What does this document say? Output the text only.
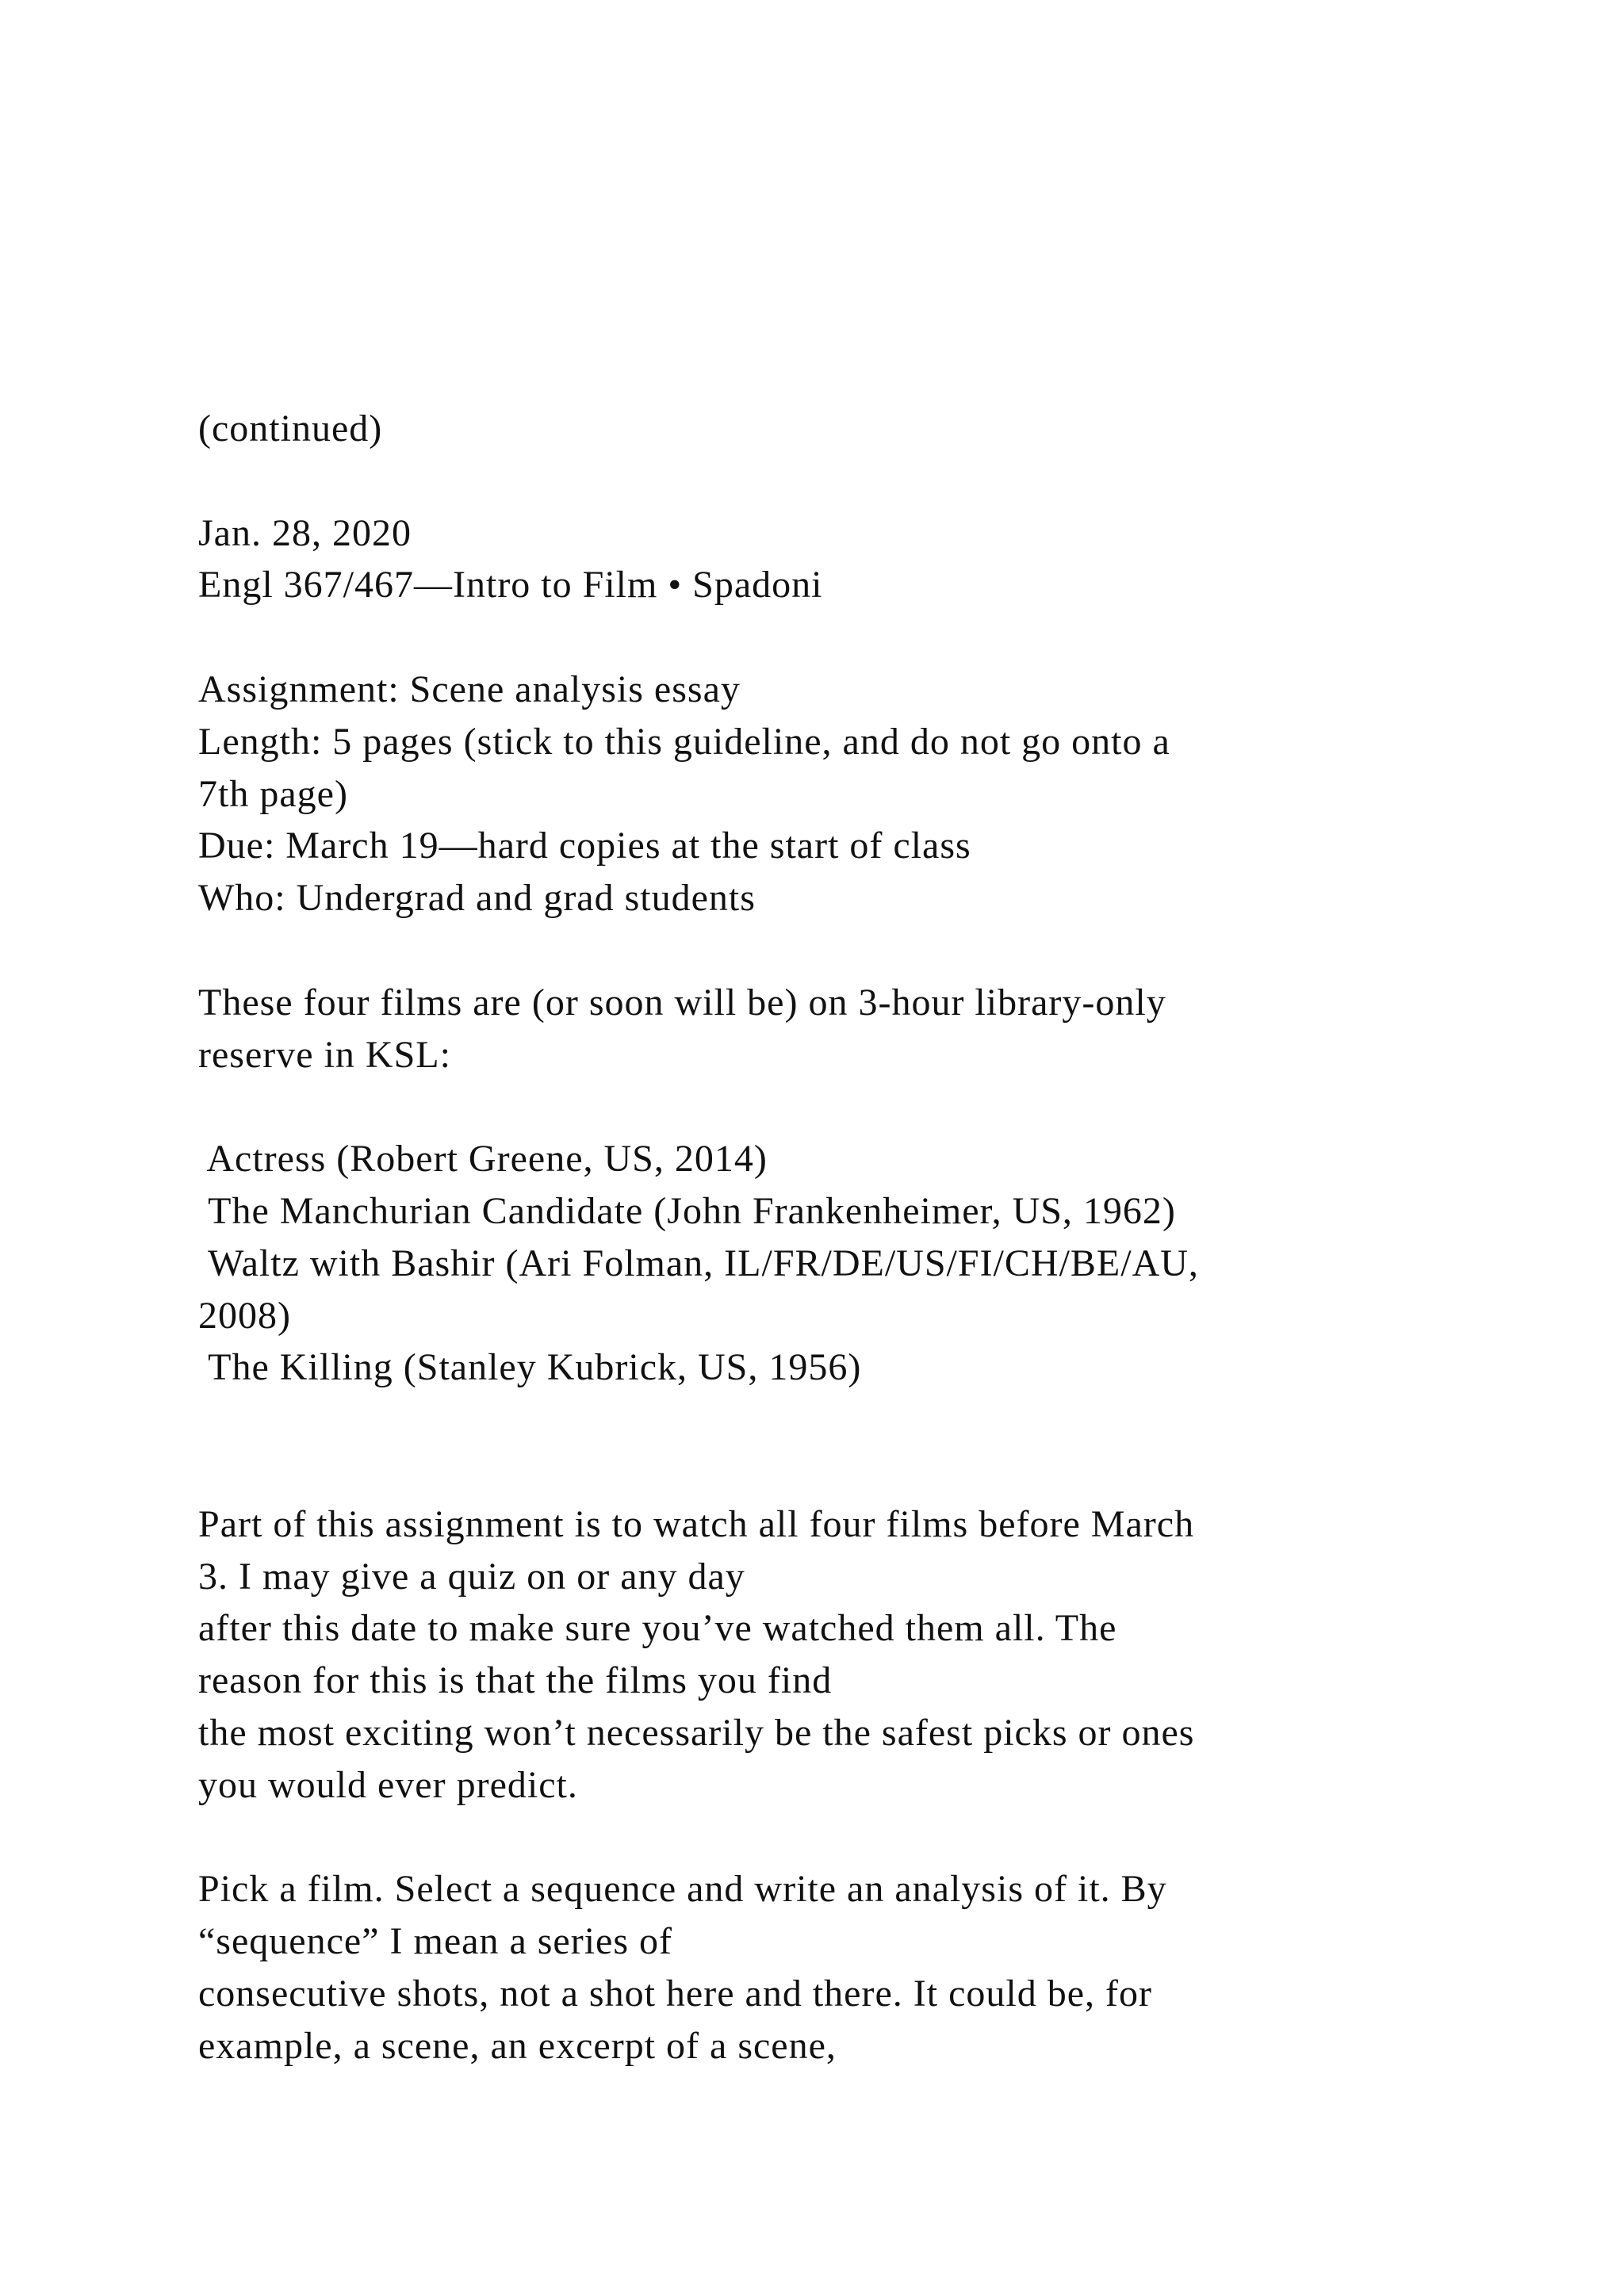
(continued)
Jan. 28, 2020
Engl 367/467—Intro to Film • Spadoni
Assignment: Scene analysis essay
Length: 5 pages (stick to this guideline, and do not go onto a
7th page)
Due: March 19—hard copies at the start of class
Who: Undergrad and grad students
These four films are (or soon will be) on 3-hour library-only
reserve in KSL:
Actress (Robert Greene, US, 2014)
The Manchurian Candidate (John Frankenheimer, US, 1962)
Waltz with Bashir (Ari Folman, IL/FR/DE/US/FI/CH/BE/AU,
2008)
The Killing (Stanley Kubrick, US, 1956)
Part of this assignment is to watch all four films before March
3. I may give a quiz on or any day
after this date to make sure you’ve watched them all. The
reason for this is that the films you find
the most exciting won’t necessarily be the safest picks or ones
you would ever predict.
Pick a film. Select a sequence and write an analysis of it. By
“sequence” I mean a series of
consecutive shots, not a shot here and there. It could be, for
example, a scene, an excerpt of a scene,
